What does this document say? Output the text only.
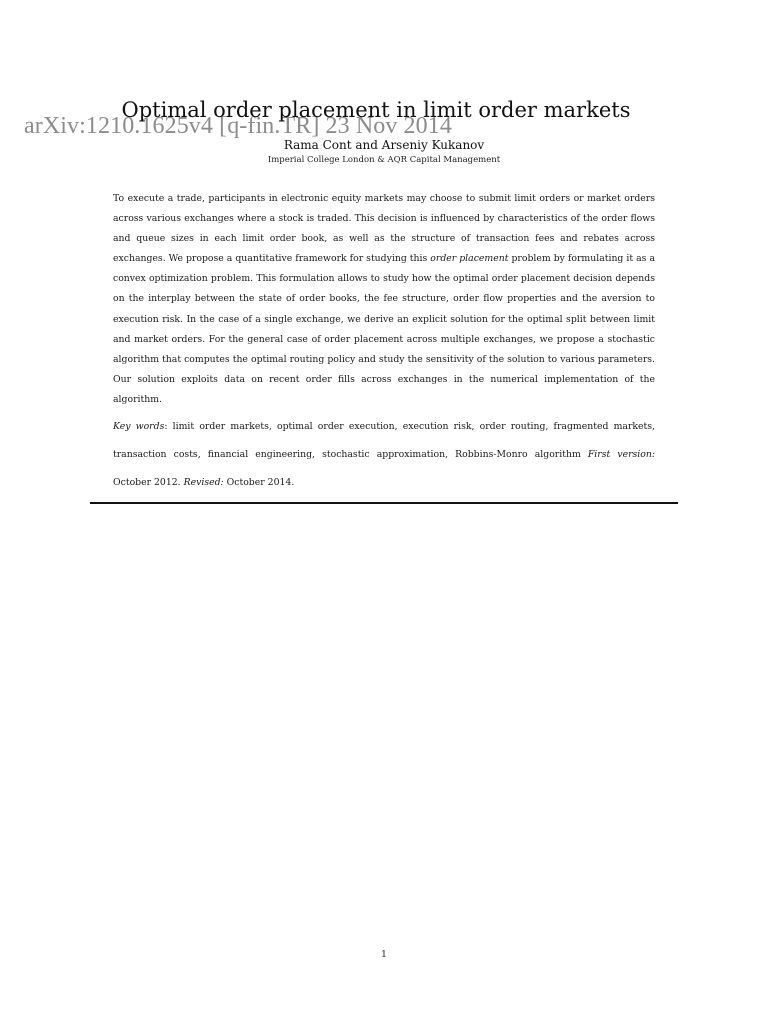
arXiv:1210.1625v4 [q-fin.TR] 23 Nov 2014
Optimal order placement in limit order markets
Rama Cont and Arseniy Kukanov
Imperial College London & AQR Capital Management

To execute a trade, participants in electronic equity markets may choose to submit limit orders or market orders across various exchanges where a stock is traded. This decision is influenced by characteristics of the order flows and queue sizes in each limit order book, as well as the structure of transaction fees and rebates across exchanges. We propose a quantitative framework for studying this order placement problem by formulating it as a convex optimization problem. This formulation allows to study how the optimal order placement decision depends on the interplay between the state of order books, the fee structure, order flow properties and the aversion to execution risk. In the case of a single exchange, we derive an explicit solution for the optimal split between limit and market orders. For the general case of order placement across multiple exchanges, we propose a stochastic algorithm that computes the optimal routing policy and study the sensitivity of the solution to various parameters. Our solution exploits data on recent order fills across exchanges in the numerical implementation of the algorithm.

Key words: limit order markets, optimal order execution, execution risk, order routing, fragmented markets, transaction costs, financial engineering, stochastic approximation, Robbins-Monro algorithm First version: October 2012. Revised: October 2014.

1
